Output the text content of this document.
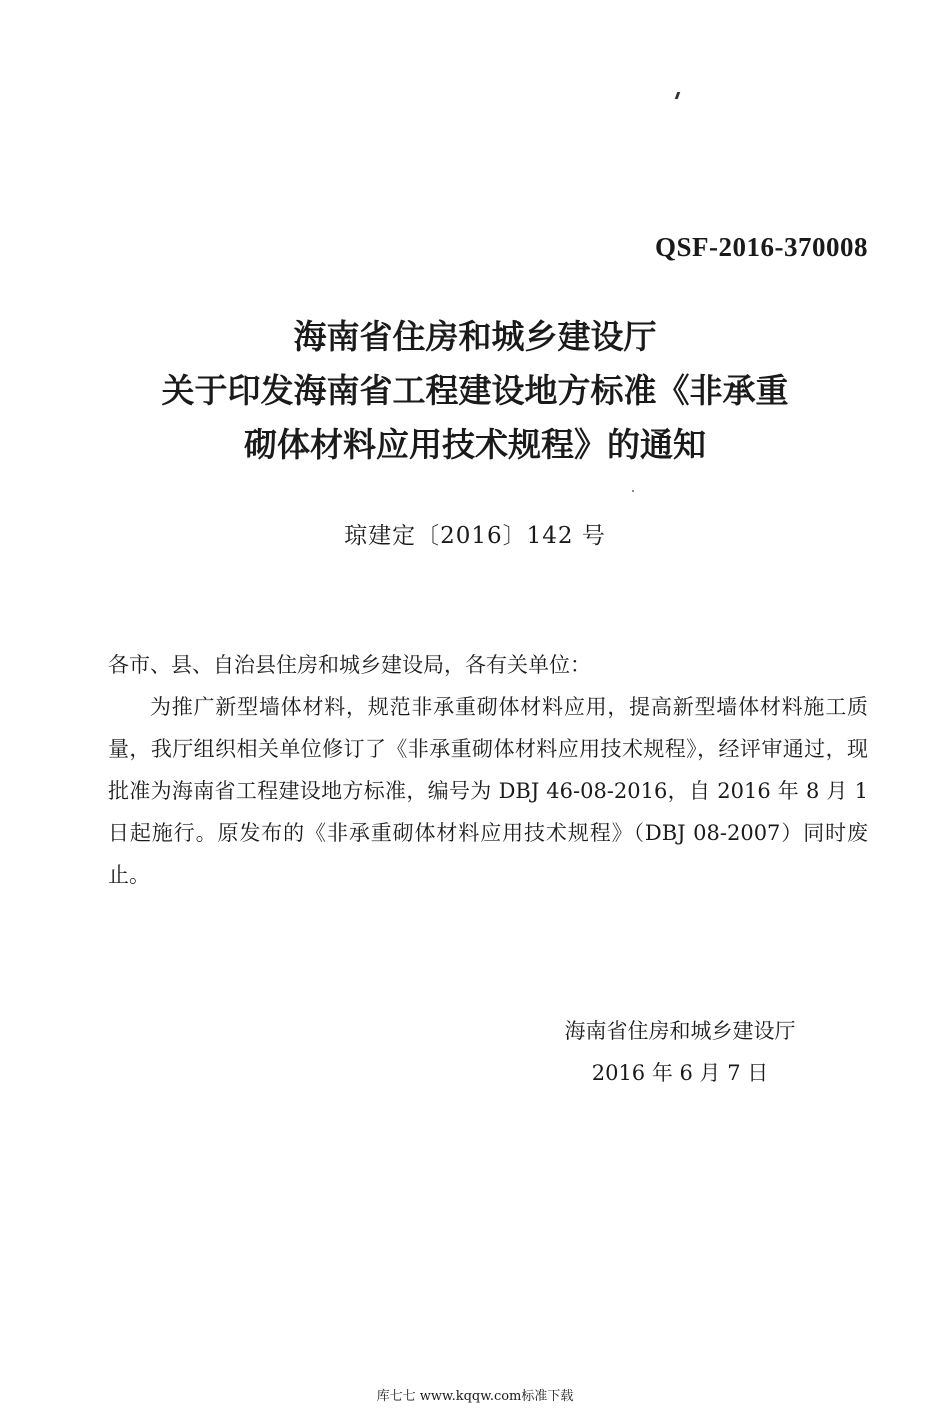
QSF-2016-370008
海南省住房和城乡建设厅
关于印发海南省工程建设地方标准《非承重
砌体材料应用技术规程》的通知
琼建定〔2016〕142 号

各市、县、自治县住房和城乡建设局，各有关单位：

为推广新型墙体材料，规范非承重砌体材料应用，提高新型墙体材料施工质量，我厅组织相关单位修订了《非承重砌体材料应用技术规程》，经评审通过，现批准为海南省工程建设地方标准，编号为 DBJ 46-08-2016，自 2016 年 8 月 1 日起施行。原发布的《非承重砌体材料应用技术规程》（DBJ 08-2007）同时废止。

海南省住房和城乡建设厅
2016 年 6 月 7 日
库七七 www.kqqw.com标准下载
